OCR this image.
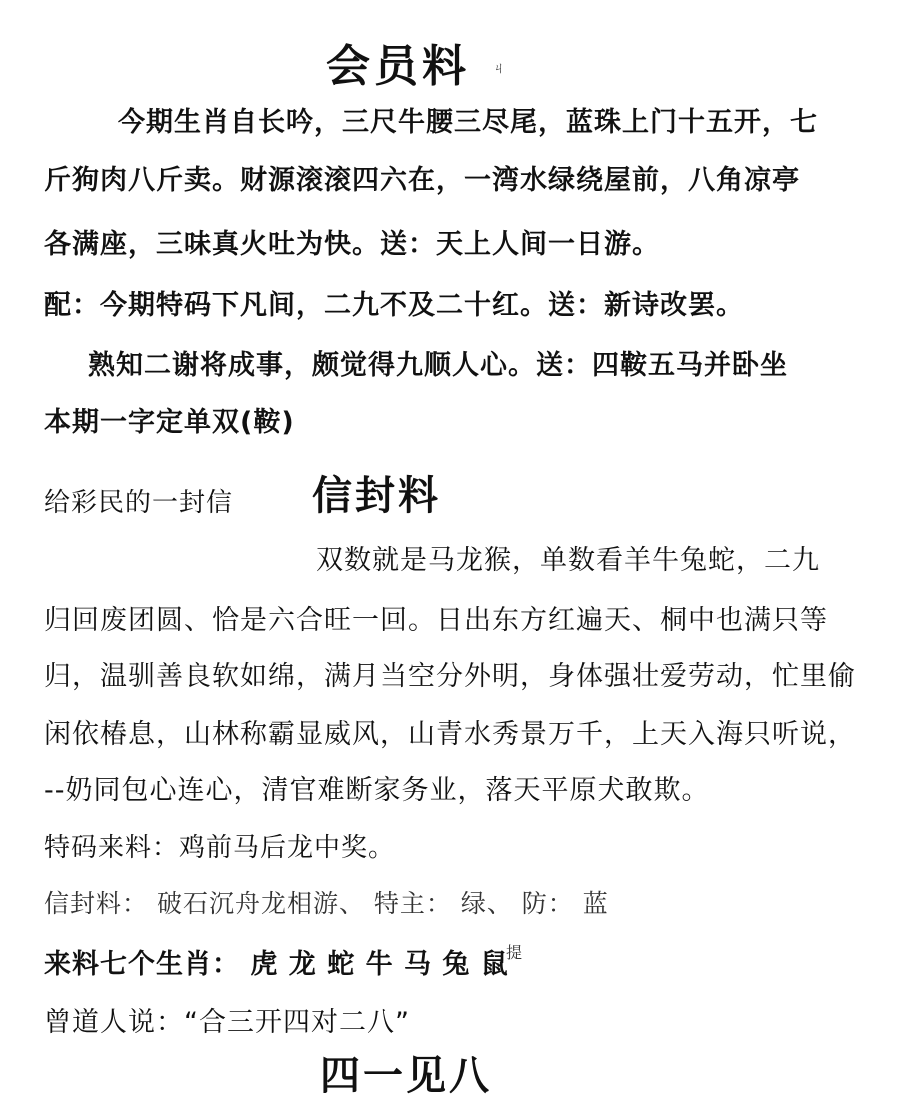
会员料 ㄐ
今期生肖自长吟，三尺牛腰三尽尾，蓝珠上门十五开，七
斤狗肉八斤卖。财源滚滚四六在，一湾水绿绕屋前，八角凉亭
各满座，三味真火吐为快。送：天上人间一日游。
配：今期特码下凡间，二九不及二十红。送：新诗改罢。
熟知二谢将成事，颇觉得九顺人心。送：四鞍五马并卧坐
本期一字定单双(鞍)
给彩民的一封信 信封料
双数就是马龙猴，单数看羊牛兔蛇，二九
归回废团圆、恰是六合旺一回。日出东方红遍天、桐中也满只等
归，温驯善良软如绵，满月当空分外明，身体强壮爱劳动，忙里偷
闲依椿息，山林称霸显威风，山青水秀景万千，上天入海只听说，
--奶同包心连心，清官难断家务业，落天平原犬敢欺。
特码来料：鸡前马后龙中奖。
信封料： 破石沉舟龙相游、 特主： 绿、 防： 蓝
来料七个生肖： 虎 龙 蛇 牛 马 兔 鼠
提
曾道人说：“合三开四对二八”
四一见八
